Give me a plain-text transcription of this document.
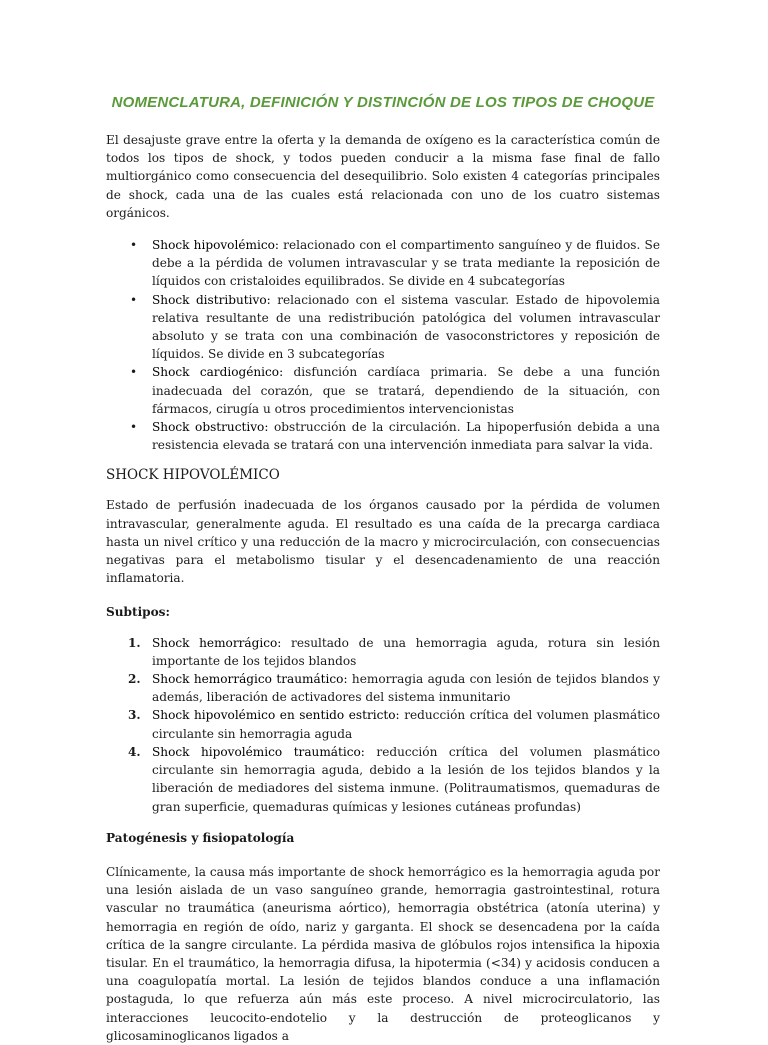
NOMENCLATURA, DEFINICIÓN Y DISTINCIÓN DE LOS TIPOS DE CHOQUE

El desajuste grave entre la oferta y la demanda de oxígeno es la característica común de todos los tipos de shock, y todos pueden conducir a la misma fase final de fallo multiorgánico como consecuencia del desequilibrio. Solo existen 4 categorías principales de shock, cada una de las cuales está relacionada con uno de los cuatro sistemas orgánicos.

• Shock hipovolémico: relacionado con el compartimento sanguíneo y de fluidos. Se debe a la pérdida de volumen intravascular y se trata mediante la reposición de líquidos con cristaloides equilibrados. Se divide en 4 subcategorías
• Shock distributivo: relacionado con el sistema vascular. Estado de hipovolemia relativa resultante de una redistribución patológica del volumen intravascular absoluto y se trata con una combinación de vasoconstrictores y reposición de líquidos. Se divide en 3 subcategorías
• Shock cardiogénico: disfunción cardíaca primaria. Se debe a una función inadecuada del corazón, que se tratará, dependiendo de la situación, con fármacos, cirugía u otros procedimientos intervencionistas
• Shock obstructivo: obstrucción de la circulación. La hipoperfusión debida a una resistencia elevada se tratará con una intervención inmediata para salvar la vida.
SHOCK HIPOVOLÉMICO

Estado de perfusión inadecuada de los órganos causado por la pérdida de volumen intravascular, generalmente aguda. El resultado es una caída de la precarga cardiaca hasta un nivel crítico y una reducción de la macro y microcirculación, con consecuencias negativas para el metabolismo tisular y el desencadenamiento de una reacción inflamatoria.

Subtipos:

1. Shock hemorrágico: resultado de una hemorragia aguda, rotura sin lesión importante de los tejidos blandos
2. Shock hemorrágico traumático: hemorragia aguda con lesión de tejidos blandos y además, liberación de activadores del sistema inmunitario
3. Shock hipovolémico en sentido estricto: reducción crítica del volumen plasmático circulante sin hemorragia aguda
4. Shock hipovolémico traumático: reducción crítica del volumen plasmático circulante sin hemorragia aguda, debido a la lesión de los tejidos blandos y la liberación de mediadores del sistema inmune. (Politraumatismos, quemaduras de gran superficie, quemaduras químicas y lesiones cutáneas profundas)

Patogénesis y fisiopatología

Clínicamente, la causa más importante de shock hemorrágico es la hemorragia aguda por una lesión aislada de un vaso sanguíneo grande, hemorragia gastrointestinal, rotura vascular no traumática (aneurisma aórtico), hemorragia obstétrica (atonía uterina) y hemorragia en región de oído, nariz y garganta. El shock se desencadena por la caída crítica de la sangre circulante. La pérdida masiva de glóbulos rojos intensifica la hipoxia tisular. En el traumático, la hemorragia difusa, la hipotermia (<34) y acidosis conducen a una coagulopatía mortal. La lesión de tejidos blandos conduce a una inflamación postaguda, lo que refuerza aún más este proceso. A nivel microcirculatorio, las interacciones leucocito-endotelio y la destrucción de proteoglicanos y glicosaminoglicanos ligados a
